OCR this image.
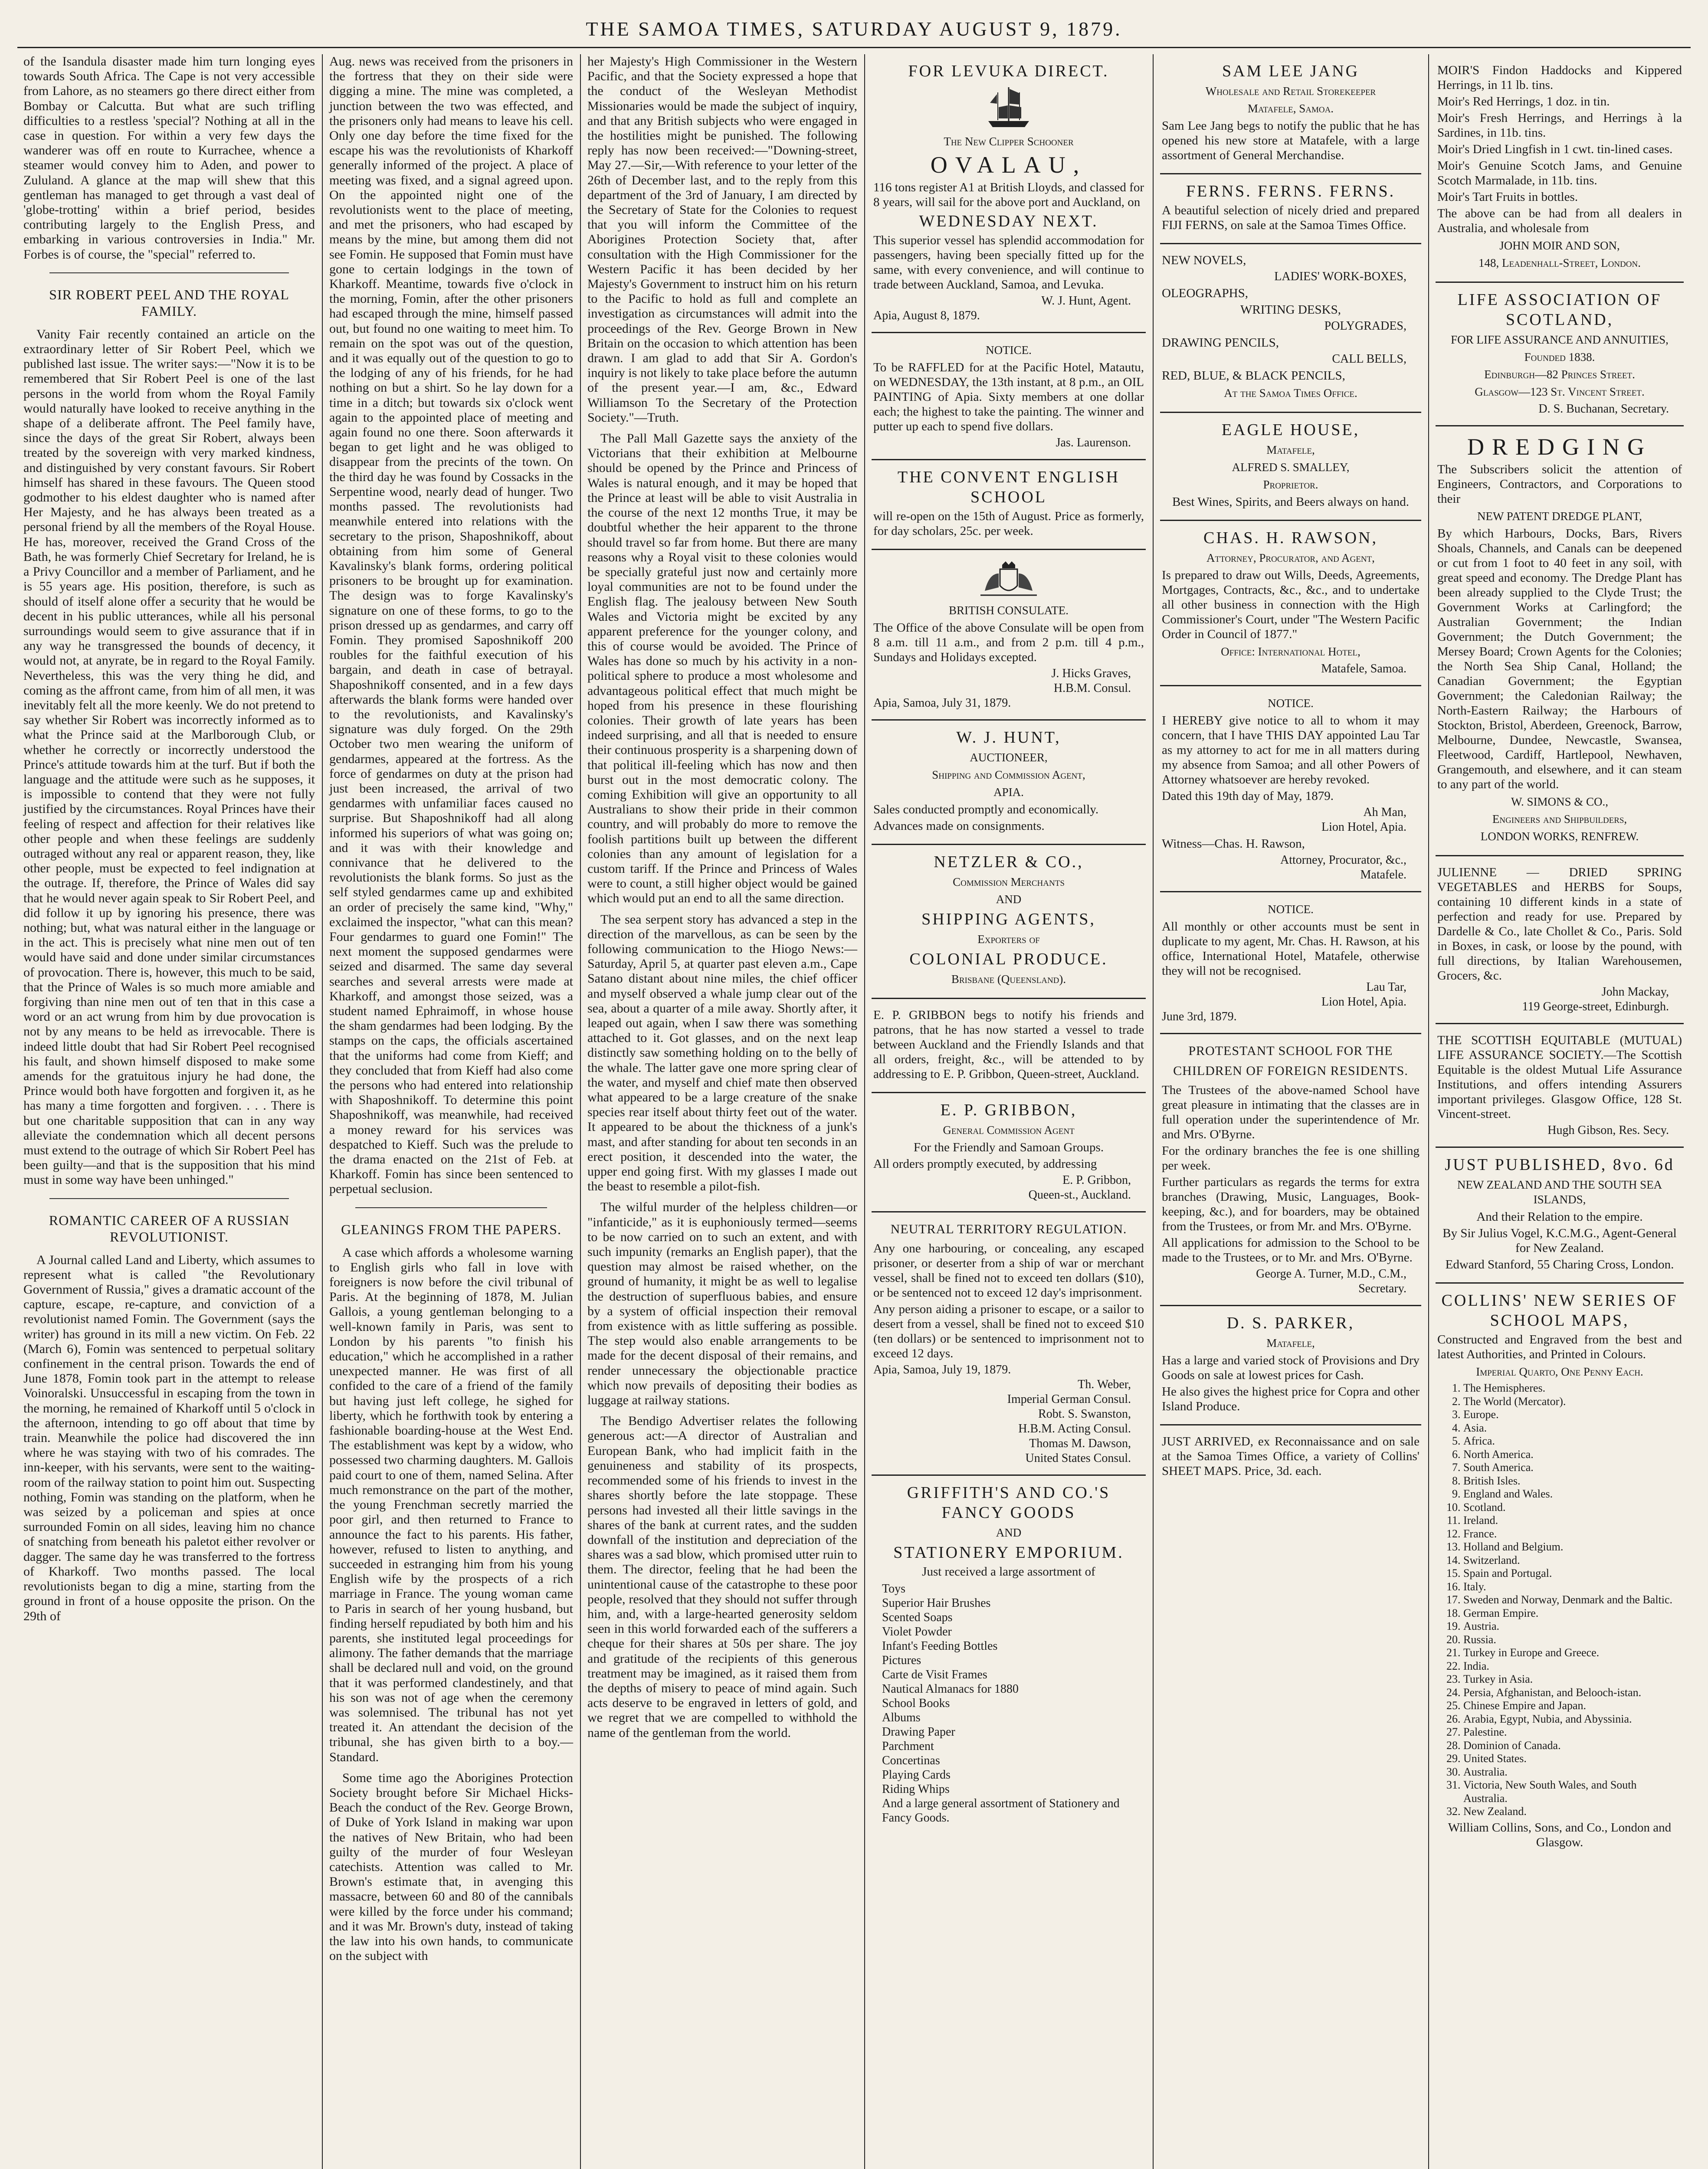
THE SAMOA TIMES, SATURDAY AUGUST 9, 1879.

of the Isandula disaster made him turn longing eyes towards South Africa. The Cape is not very accessible from Lahore, as no steamers go there direct either from Bombay or Calcutta. But what are such trifling difficulties to a restless 'special'? Nothing at all in the case in question. For within a very few days the wanderer was off en route to Kurrachee, whence a steamer would convey him to Aden, and power to Zululand. A glance at the map will shew that this gentleman has managed to get through a vast deal of 'globe-trotting' within a brief period, besides contributing largely to the English Press, and embarking in various controversies in India." Mr. Forbes is of course, the "special" referred to.

SIR ROBERT PEEL AND THE ROYAL FAMILY.

Vanity Fair recently contained an article on the extraordinary letter of Sir Robert Peel, which we published last issue. The writer says:—"Now it is to be remembered that Sir Robert Peel is one of the last persons in the world from whom the Royal Family would naturally have looked to receive anything in the shape of a deliberate affront. The Peel family have, since the days of the great Sir Robert, always been treated by the sovereign with very marked kindness, and distinguished by very constant favours. Sir Robert himself has shared in these favours. The Queen stood godmother to his eldest daughter who is named after Her Majesty, and he has always been treated as a personal friend by all the members of the Royal House. He has, moreover, received the Grand Cross of the Bath, he was formerly Chief Secretary for Ireland, he is a Privy Councillor and a member of Parliament, and he is 55 years age. His position, therefore, is such as should of itself alone offer a security that he would be decent in his public utterances, while all his personal surroundings would seem to give assurance that if in any way he transgressed the bounds of decency, it would not, at anyrate, be in regard to the Royal Family. Nevertheless, this was the very thing he did, and coming as the affront came, from him of all men, it was inevitably felt all the more keenly. We do not pretend to say whether Sir Robert was incorrectly informed as to what the Prince said at the Marlborough Club, or whether he correctly or incorrectly understood the Prince's attitude towards him at the turf. But if both the language and the attitude were such as he supposes, it is impossible to contend that they were not fully justified by the circumstances. Royal Princes have their feeling of respect and affection for their relatives like other people and when these feelings are suddenly outraged without any real or apparent reason, they, like other people, must be expected to feel indignation at the outrage. If, therefore, the Prince of Wales did say that he would never again speak to Sir Robert Peel, and did follow it up by ignoring his presence, there was nothing; but, what was natural either in the language or in the act. This is precisely what nine men out of ten would have said and done under similar circumstances of provocation. There is, however, this much to be said, that the Prince of Wales is so much more amiable and forgiving than nine men out of ten that in this case a word or an act wrung from him by due provocation is not by any means to be held as irrevocable. There is indeed little doubt that had Sir Robert Peel recognised his fault, and shown himself disposed to make some amends for the gratuitous injury he had done, the Prince would both have forgotten and forgiven it, as he has many a time forgotten and forgiven. . . . There is but one charitable supposition that can in any way alleviate the condemnation which all decent persons must extend to the outrage of which Sir Robert Peel has been guilty—and that is the supposition that his mind must in some way have been unhinged."

ROMANTIC CAREER OF A RUSSIAN REVOLUTIONIST.

A Journal called Land and Liberty, which assumes to represent what is called "the Revolutionary Government of Russia," gives a dramatic account of the capture, escape, re-capture, and conviction of a revolutionist named Fomin. The Government (says the writer) has ground in its mill a new victim. On Feb. 22 (March 6), Fomin was sentenced to perpetual solitary confinement in the central prison. Towards the end of June 1878, Fomin took part in the attempt to release Voinoralski. Unsuccessful in escaping from the town in the morning, he remained of Kharkoff until 5 o'clock in the afternoon, intending to go off about that time by train. Meanwhile the police had discovered the inn where he was staying with two of his comrades. The inn-keeper, with his servants, were sent to the waiting-room of the railway station to point him out. Suspecting nothing, Fomin was standing on the platform, when he was seized by a policeman and spies at once surrounded Fomin on all sides, leaving him no chance of snatching from beneath his paletot either revolver or dagger. The same day he was transferred to the fortress of Kharkoff. Two months passed. The local revolutionists began to dig a mine, starting from the ground in front of a house opposite the prison. On the 29th of

Aug. news was received from the prisoners in the fortress that they on their side were digging a mine. The mine was completed, a junction between the two was effected, and the prisoners only had means to leave his cell. Only one day before the time fixed for the escape his was the revolutionists of Kharkoff generally informed of the project. A place of meeting was fixed, and a signal agreed upon. On the appointed night one of the revolutionists went to the place of meeting, and met the prisoners, who had escaped by means by the mine, but among them did not see Fomin. He supposed that Fomin must have gone to certain lodgings in the town of Kharkoff. Meantime, towards five o'clock in the morning, Fomin, after the other prisoners had escaped through the mine, himself passed out, but found no one waiting to meet him. To remain on the spot was out of the question, and it was equally out of the question to go to the lodging of any of his friends, for he had nothing on but a shirt. So he lay down for a time in a ditch; but towards six o'clock went again to the appointed place of meeting and again found no one there. Soon afterwards it began to get light and he was obliged to disappear from the precints of the town. On the third day he was found by Cossacks in the Serpentine wood, nearly dead of hunger. Two months passed. The revolutionists had meanwhile entered into relations with the secretary to the prison, Shaposhnikoff, about obtaining from him some of General Kavalinsky's blank forms, ordering political prisoners to be brought up for examination. The design was to forge Kavalinsky's signature on one of these forms, to go to the prison dressed up as gendarmes, and carry off Fomin. They promised Saposhnikoff 200 roubles for the faithful execution of his bargain, and death in case of betrayal. Shaposhnikoff consented, and in a few days afterwards the blank forms were handed over to the revolutionists, and Kavalinsky's signature was duly forged. On the 29th October two men wearing the uniform of gendarmes, appeared at the fortress. As the force of gendarmes on duty at the prison had just been increased, the arrival of two gendarmes with unfamiliar faces caused no surprise. But Shaposhnikoff had all along informed his superiors of what was going on; and it was with their knowledge and connivance that he delivered to the revolutionists the blank forms. So just as the self styled gendarmes came up and exhibited an order of precisely the same kind, "Why," exclaimed the inspector, "what can this mean? Four gendarmes to guard one Fomin!" The next moment the supposed gendarmes were seized and disarmed. The same day several searches and several arrests were made at Kharkoff, and amongst those seized, was a student named Ephraimoff, in whose house the sham gendarmes had been lodging. By the stamps on the caps, the officials ascertained that the uniforms had come from Kieff; and they concluded that from Kieff had also come the persons who had entered into relationship with Shaposhnikoff. To determine this point Shaposhnikoff, was meanwhile, had received a money reward for his services was despatched to Kieff. Such was the prelude to the drama enacted on the 21st of Feb. at Kharkoff. Fomin has since been sentenced to perpetual seclusion.

GLEANINGS FROM THE PAPERS.

A case which affords a wholesome warning to English girls who fall in love with foreigners is now before the civil tribunal of Paris. At the beginning of 1878, M. Julian Gallois, a young gentleman belonging to a well-known family in Paris, was sent to London by his parents "to finish his education," which he accomplished in a rather unexpected manner. He was first of all confided to the care of a friend of the family but having just left college, he sighed for liberty, which he forthwith took by entering a fashionable boarding-house at the West End. The establishment was kept by a widow, who possessed two charming daughters. M. Gallois paid court to one of them, named Selina. After much remonstrance on the part of the mother, the young Frenchman secretly married the poor girl, and then returned to France to announce the fact to his parents. His father, however, refused to listen to anything, and succeeded in estranging him from his young English wife by the prospects of a rich marriage in France. The young woman came to Paris in search of her young husband, but finding herself repudiated by both him and his parents, she instituted legal proceedings for alimony. The father demands that the marriage shall be declared null and void, on the ground that it was performed clandestinely, and that his son was not of age when the ceremony was solemnised. The tribunal has not yet treated it. An attendant the decision of the tribunal, she has given birth to a boy.—Standard.

Some time ago the Aborigines Protection Society brought before Sir Michael Hicks-Beach the conduct of the Rev. George Brown, of Duke of York Island in making war upon the natives of New Britain, who had been guilty of the murder of four Wesleyan catechists. Attention was called to Mr. Brown's estimate that, in avenging this massacre, between 60 and 80 of the cannibals were killed by the force under his command; and it was Mr. Brown's duty, instead of taking the law into his own hands, to communicate on the subject with

her Majesty's High Commissioner in the Western Pacific, and that the Society expressed a hope that the conduct of the Wesleyan Methodist Missionaries would be made the subject of inquiry, and that any British subjects who were engaged in the hostilities might be punished. The following reply has now been received:—"Downing-street, May 27.—Sir,—With reference to your letter of the 26th of December last, and to the reply from this department of the 3rd of January, I am directed by the Secretary of State for the Colonies to request that you will inform the Committee of the Aborigines Protection Society that, after consultation with the High Commissioner for the Western Pacific it has been decided by her Majesty's Government to instruct him on his return to the Pacific to hold as full and complete an investigation as circumstances will admit into the proceedings of the Rev. George Brown in New Britain on the occasion to which attention has been drawn. I am glad to add that Sir A. Gordon's inquiry is not likely to take place before the autumn of the present year.—I am, &c., Edward Williamson To the Secretary of the Protection Society."—Truth.

The Pall Mall Gazette says the anxiety of the Victorians that their exhibition at Melbourne should be opened by the Prince and Princess of Wales is natural enough, and it may be hoped that the Prince at least will be able to visit Australia in the course of the next 12 months True, it may be doubtful whether the heir apparent to the throne should travel so far from home. But there are many reasons why a Royal visit to these colonies would be specially grateful just now and certainly more loyal communities are not to be found under the English flag. The jealousy between New South Wales and Victoria might be excited by any apparent preference for the younger colony, and this of course would be avoided. The Prince of Wales has done so much by his activity in a non-political sphere to produce a most wholesome and advantageous political effect that much might be hoped from his presence in these flourishing colonies. Their growth of late years has been indeed surprising, and all that is needed to ensure their continuous prosperity is a sharpening down of that political ill-feeling which has now and then burst out in the most democratic colony. The coming Exhibition will give an opportunity to all Australians to show their pride in their common country, and will probably do more to remove the foolish partitions built up between the different colonies than any amount of legislation for a custom tariff. If the Prince and Princess of Wales were to count, a still higher object would be gained which would put an end to all the same direction.

The sea serpent story has advanced a step in the direction of the marvellous, as can be seen by the following communication to the Hiogo News:—Saturday, April 5, at quarter past eleven a.m., Cape Satano distant about nine miles, the chief officer and myself observed a whale jump clear out of the sea, about a quarter of a mile away. Shortly after, it leaped out again, when I saw there was something attached to it. Got glasses, and on the next leap distinctly saw something holding on to the belly of the whale. The latter gave one more spring clear of the water, and myself and chief mate then observed what appeared to be a large creature of the snake species rear itself about thirty feet out of the water. It appeared to be about the thickness of a junk's mast, and after standing for about ten seconds in an erect position, it descended into the water, the upper end going first. With my glasses I made out the beast to resemble a pilot-fish.

The wilful murder of the helpless children—or "infanticide," as it is euphoniously termed—seems to be now carried on to such an extent, and with such impunity (remarks an English paper), that the question may almost be raised whether, on the ground of humanity, it might be as well to legalise the destruction of superfluous babies, and ensure by a system of official inspection their removal from existence with as little suffering as possible. The step would also enable arrangements to be made for the decent disposal of their remains, and render unnecessary the objectionable practice which now prevails of depositing their bodies as luggage at railway stations.

The Bendigo Advertiser relates the following generous act:—A director of Australian and European Bank, who had implicit faith in the genuineness and stability of its prospects, recommended some of his friends to invest in the shares shortly before the late stoppage. These persons had invested all their little savings in the shares of the bank at current rates, and the sudden downfall of the institution and depreciation of the shares was a sad blow, which promised utter ruin to them. The director, feeling that he had been the unintentional cause of the catastrophe to these poor people, resolved that they should not suffer through him, and, with a large-hearted generosity seldom seen in this world forwarded each of the sufferers a cheque for their shares at 50s per share. The joy and gratitude of the recipients of this generous treatment may be imagined, as it raised them from the depths of misery to peace of mind again. Such acts deserve to be engraved in letters of gold, and we regret that we are compelled to withhold the name of the gentleman from the world.

FOR LEVUKA DIRECT.
The New Clipper Schooner
OVALAU,
116 tons register A1 at British Lloyds, and classed for 8 years, will sail for the above port and Auckland, on
WEDNESDAY NEXT.
This superior vessel has splendid accommodation for passengers, having been specially fitted up for the same, with every convenience, and will continue to trade between Auckland, Samoa, and Levuka.
W. J. Hunt, Agent.
Apia, August 8, 1879.
NOTICE.
To be RAFFLED for at the Pacific Hotel, Matautu, on WEDNESDAY, the 13th instant, at 8 p.m., an OIL PAINTING of Apia. Sixty members at one dollar each; the highest to take the painting. The winner and putter up each to spend five dollars.
Jas. Laurenson.
THE CONVENT ENGLISH SCHOOL
will re-open on the 15th of August. Price as formerly, for day scholars, 25c. per week.
BRITISH CONSULATE.
The Office of the above Consulate will be open from 8 a.m. till 11 a.m., and from 2 p.m. till 4 p.m., Sundays and Holidays excepted.
J. Hicks Graves,
H.B.M. Consul.
Apia, Samoa, July 31, 1879.
W. J. HUNT,
AUCTIONEER,
Shipping and Commission Agent,
APIA.
Sales conducted promptly and economically.
Advances made on consignments.
NETZLER & CO.,
Commission Merchants
AND
SHIPPING AGENTS,
Exporters of
COLONIAL PRODUCE.
Brisbane (Queensland).
E. P. GRIBBON begs to notify his friends and patrons, that he has now started a vessel to trade between Auckland and the Friendly Islands and that all orders, freight, &c., will be attended to by addressing to E. P. Gribbon, Queen-street, Auckland.
E. P. GRIBBON,
General Commission Agent
For the Friendly and Samoan Groups.
All orders promptly executed, by addressing
E. P. Gribbon,
Queen-st., Auckland.
NEUTRAL TERRITORY REGULATION.
Any one harbouring, or concealing, any escaped prisoner, or deserter from a ship of war or merchant vessel, shall be fined not to exceed ten dollars ($10), or be sentenced not to exceed 12 day's imprisonment.
Any person aiding a prisoner to escape, or a sailor to desert from a vessel, shall be fined not to exceed $10 (ten dollars) or be sentenced to imprisonment not to exceed 12 days.
Apia, Samoa, July 19, 1879.
Th. Weber,
Imperial German Consul.
Robt. S. Swanston,
H.B.M. Acting Consul.
Thomas M. Dawson,
United States Consul.
GRIFFITH'S AND CO.'S
FANCY GOODS
AND
STATIONERY EMPORIUM.
Just received a large assortment of
Toys
Superior Hair Brushes
Scented Soaps
Violet Powder
Infant's Feeding Bottles
Pictures
Carte de Visit Frames
Nautical Almanacs for 1880
School Books
Albums
Drawing Paper
Parchment
Concertinas
Playing Cards
Riding Whips
And a large general assortment of Stationery and Fancy Goods.
SAM LEE JANG
Wholesale and Retail Storekeeper
Matafele, Samoa.
Sam Lee Jang begs to notify the public that he has opened his new store at Matafele, with a large assortment of General Merchandise.
FERNS. FERNS. FERNS.
A beautiful selection of nicely dried and prepared FIJI FERNS, on sale at the Samoa Times Office.
NEW NOVELS,
LADIES' WORK-BOXES,
OLEOGRAPHS,
WRITING DESKS,
POLYGRADES,
DRAWING PENCILS,
CALL BELLS,
RED, BLUE, & BLACK PENCILS,
At the Samoa Times Office.
EAGLE HOUSE,
Matafele,
ALFRED S. SMALLEY,
Proprietor.
Best Wines, Spirits, and Beers always on hand.
CHAS. H. RAWSON,
Attorney, Procurator, and Agent,
Is prepared to draw out Wills, Deeds, Agreements, Mortgages, Contracts, &c., &c., and to undertake all other business in connection with the High Commissioner's Court, under "The Western Pacific Order in Council of 1877."
Office: International Hotel,
Matafele, Samoa.
NOTICE.
I HEREBY give notice to all to whom it may concern, that I have THIS DAY appointed Lau Tar as my attorney to act for me in all matters during my absence from Samoa; and all other Powers of Attorney whatsoever are hereby revoked.
Dated this 19th day of May, 1879.
Ah Man,
Lion Hotel, Apia.
Witness—Chas. H. Rawson,
Attorney, Procurator, &c.,
Matafele.
NOTICE.
All monthly or other accounts must be sent in duplicate to my agent, Mr. Chas. H. Rawson, at his office, International Hotel, Matafele, otherwise they will not be recognised.
Lau Tar,
Lion Hotel, Apia.
June 3rd, 1879.
PROTESTANT SCHOOL FOR THE CHILDREN OF FOREIGN RESIDENTS.
The Trustees of the above-named School have great pleasure in intimating that the classes are in full operation under the superintendence of Mr. and Mrs. O'Byrne.
For the ordinary branches the fee is one shilling per week.
Further particulars as regards the terms for extra branches (Drawing, Music, Languages, Book-keeping, &c.), and for boarders, may be obtained from the Trustees, or from Mr. and Mrs. O'Byrne.
All applications for admission to the School to be made to the Trustees, or to Mr. and Mrs. O'Byrne.
George A. Turner, M.D., C.M.,
Secretary.
D. S. PARKER,
Matafele,
Has a large and varied stock of Provisions and Dry Goods on sale at lowest prices for Cash.
He also gives the highest price for Copra and other Island Produce.
JUST ARRIVED, ex Reconnaissance and on sale at the Samoa Times Office, a variety of Collins' SHEET MAPS. Price, 3d. each.
MOIR'S Findon Haddocks and Kippered Herrings, in 11 lb. tins.
Moir's Red Herrings, 1 doz. in tin.
Moir's Fresh Herrings, and Herrings à la Sardines, in 11b. tins.
Moir's Dried Lingfish in 1 cwt. tin-lined cases.
Moir's Genuine Scotch Jams, and Genuine Scotch Marmalade, in 11b. tins.
Moir's Tart Fruits in bottles.
The above can be had from all dealers in Australia, and wholesale from
JOHN MOIR AND SON,
148, Leadenhall-Street, London.
LIFE ASSOCIATION OF SCOTLAND,
FOR LIFE ASSURANCE AND ANNUITIES,
Founded 1838.
Edinburgh—82 Princes Street.
Glasgow—123 St. Vincent Street.
D. S. Buchanan, Secretary.
DREDGING
The Subscribers solicit the attention of Engineers, Contractors, and Corporations to their
NEW PATENT DREDGE PLANT,
By which Harbours, Docks, Bars, Rivers Shoals, Channels, and Canals can be deepened or cut from 1 foot to 40 feet in any soil, with great speed and economy. The Dredge Plant has been already supplied to the Clyde Trust; the Government Works at Carlingford; the Australian Government; the Indian Government; the Dutch Government; the Mersey Board; Crown Agents for the Colonies; the North Sea Ship Canal, Holland; the Canadian Government; the Egyptian Government; the Caledonian Railway; the North-Eastern Railway; the Harbours of Stockton, Bristol, Aberdeen, Greenock, Barrow, Melbourne, Dundee, Newcastle, Swansea, Fleetwood, Cardiff, Hartlepool, Newhaven, Grangemouth, and elsewhere, and it can steam to any part of the world.
W. SIMONS & CO.,
Engineers and Shipbuilders,
LONDON WORKS, RENFREW.
JULIENNE — DRIED SPRING VEGETABLES and HERBS for Soups, containing 10 different kinds in a state of perfection and ready for use. Prepared by Dardelle & Co., late Chollet & Co., Paris. Sold in Boxes, in cask, or loose by the pound, with full directions, by Italian Warehousemen, Grocers, &c.
John Mackay,
119 George-street, Edinburgh.
THE SCOTTISH EQUITABLE (MUTUAL) LIFE ASSURANCE SOCIETY.—The Scottish Equitable is the oldest Mutual Life Assurance Institutions, and offers intending Assurers important privileges. Glasgow Office, 128 St. Vincent-street.
Hugh Gibson, Res. Secy.
JUST PUBLISHED, 8vo. 6d
NEW ZEALAND AND THE SOUTH SEA ISLANDS,
And their Relation to the empire.
By Sir Julius Vogel, K.C.M.G., Agent-General for New Zealand.
Edward Stanford, 55 Charing Cross, London.
COLLINS' NEW SERIES OF SCHOOL MAPS,
Constructed and Engraved from the best and latest Authorities, and Printed in Colours.
Imperial Quarto, One Penny Each.
1. The Hemispheres.
2. The World (Mercator).
3. Europe.
4. Asia.
5. Africa.
6. North America.
7. South America.
8. British Isles.
9. England and Wales.
10. Scotland.
11. Ireland.
12. France.
13. Holland and Belgium.
14. Switzerland.
15. Spain and Portugal.
16. Italy.
17. Sweden and Norway, Denmark and the Baltic.
18. German Empire.
19. Austria.
20. Russia.
21. Turkey in Europe and Greece.
22. India.
23. Turkey in Asia.
24. Persia, Afghanistan, and Belooch-istan.
25. Chinese Empire and Japan.
26. Arabia, Egypt, Nubia, and Abyssinia.
27. Palestine.
28. Dominion of Canada.
29. United States.
30. Australia.
31. Victoria, New South Wales, and South Australia.
32. New Zealand.
William Collins, Sons, and Co., London and Glasgow.
